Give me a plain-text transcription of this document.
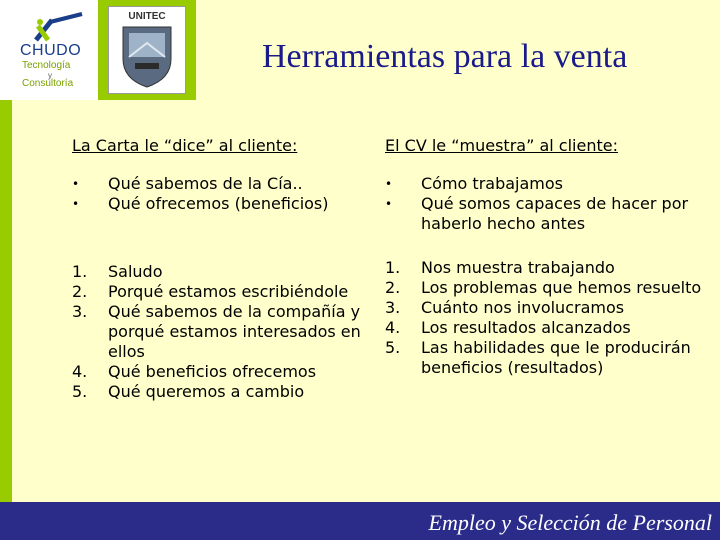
CHUDO
Tecnología
y
Consultoría
UNITEC
Herramientas para la venta
La Carta le “dice” al cliente:
• Qué sabemos de la Cía..
• Qué ofrecemos (beneficios)
1. Saludo
2. Porqué estamos escribiéndole
3. Qué sabemos de la compañía y porqué estamos interesados en ellos
4. Qué beneficios ofrecemos
5. Qué queremos a cambio
El CV le “muestra” al cliente:
• Cómo trabajamos
• Qué somos capaces de hacer por haberlo hecho antes
1. Nos muestra trabajando
2. Los problemas que hemos resuelto
3. Cuánto nos involucramos
4. Los resultados alcanzados
5. Las habilidades que le producirán beneficios (resultados)
Empleo y Selección de Personal
